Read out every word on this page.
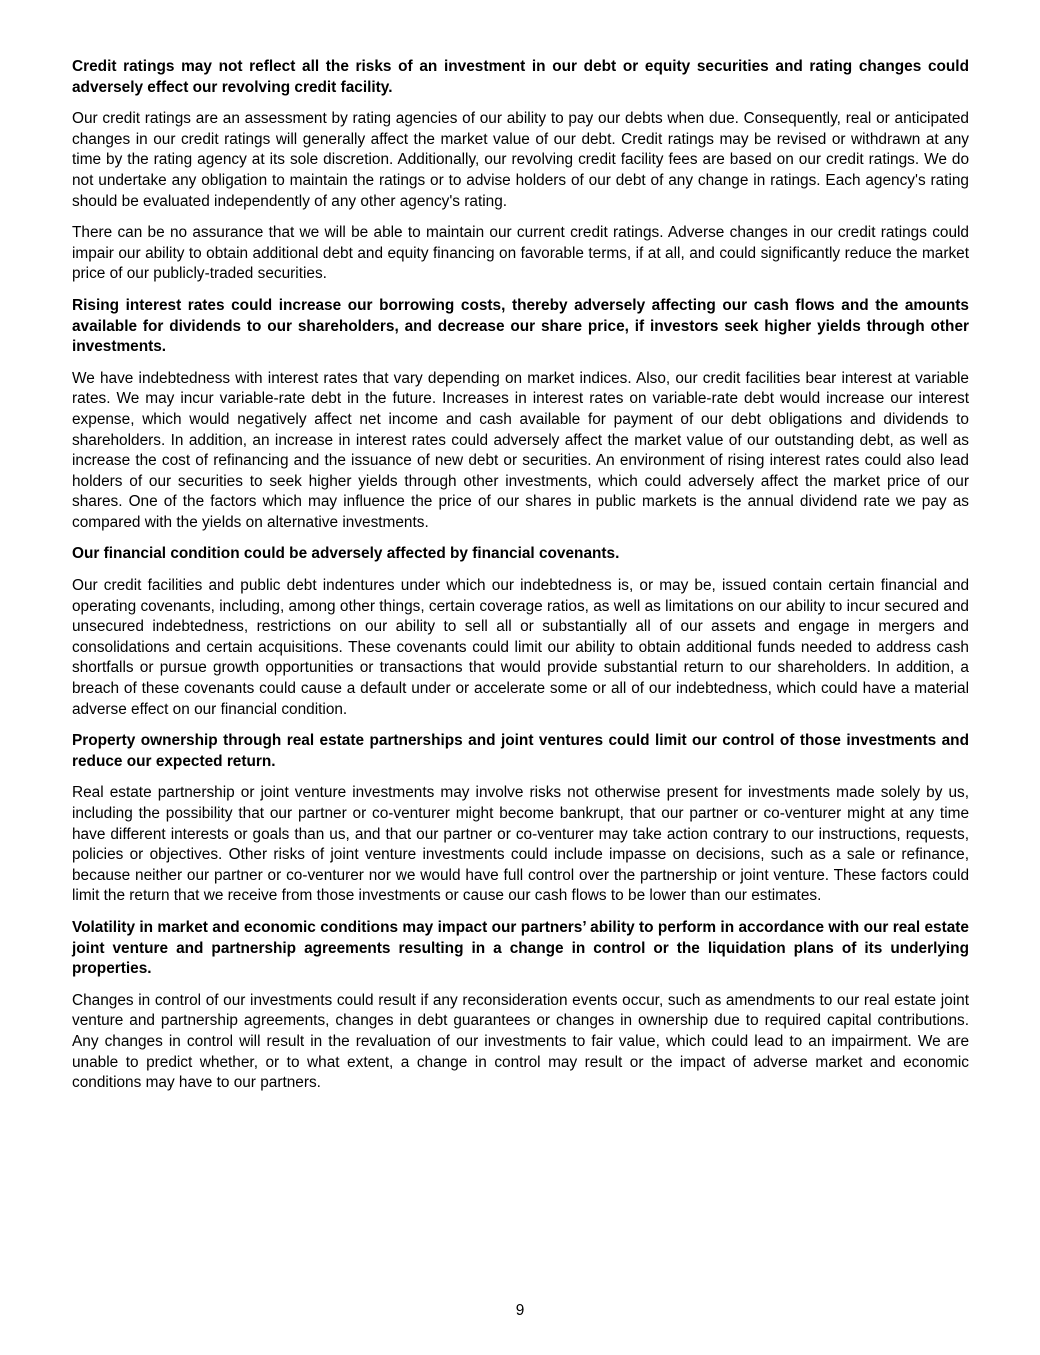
Credit ratings may not reflect all the risks of an investment in our debt or equity securities and rating changes could adversely effect our revolving credit facility.

Our credit ratings are an assessment by rating agencies of our ability to pay our debts when due. Consequently, real or anticipated changes in our credit ratings will generally affect the market value of our debt. Credit ratings may be revised or withdrawn at any time by the rating agency at its sole discretion. Additionally, our revolving credit facility fees are based on our credit ratings. We do not undertake any obligation to maintain the ratings or to advise holders of our debt of any change in ratings. Each agency's rating should be evaluated independently of any other agency's rating.

There can be no assurance that we will be able to maintain our current credit ratings. Adverse changes in our credit ratings could impair our ability to obtain additional debt and equity financing on favorable terms, if at all, and could significantly reduce the market price of our publicly-traded securities.

Rising interest rates could increase our borrowing costs, thereby adversely affecting our cash flows and the amounts available for dividends to our shareholders, and decrease our share price, if investors seek higher yields through other investments.

We have indebtedness with interest rates that vary depending on market indices. Also, our credit facilities bear interest at variable rates. We may incur variable-rate debt in the future. Increases in interest rates on variable-rate debt would increase our interest expense, which would negatively affect net income and cash available for payment of our debt obligations and dividends to shareholders. In addition, an increase in interest rates could adversely affect the market value of our outstanding debt, as well as increase the cost of refinancing and the issuance of new debt or securities. An environment of rising interest rates could also lead holders of our securities to seek higher yields through other investments, which could adversely affect the market price of our shares. One of the factors which may influence the price of our shares in public markets is the annual dividend rate we pay as compared with the yields on alternative investments.

Our financial condition could be adversely affected by financial covenants.

Our credit facilities and public debt indentures under which our indebtedness is, or may be, issued contain certain financial and operating covenants, including, among other things, certain coverage ratios, as well as limitations on our ability to incur secured and unsecured indebtedness, restrictions on our ability to sell all or substantially all of our assets and engage in mergers and consolidations and certain acquisitions. These covenants could limit our ability to obtain additional funds needed to address cash shortfalls or pursue growth opportunities or transactions that would provide substantial return to our shareholders. In addition, a breach of these covenants could cause a default under or accelerate some or all of our indebtedness, which could have a material adverse effect on our financial condition.

Property ownership through real estate partnerships and joint ventures could limit our control of those investments and reduce our expected return.

Real estate partnership or joint venture investments may involve risks not otherwise present for investments made solely by us, including the possibility that our partner or co-venturer might become bankrupt, that our partner or co-venturer might at any time have different interests or goals than us, and that our partner or co-venturer may take action contrary to our instructions, requests, policies or objectives. Other risks of joint venture investments could include impasse on decisions, such as a sale or refinance, because neither our partner or co-venturer nor we would have full control over the partnership or joint venture. These factors could limit the return that we receive from those investments or cause our cash flows to be lower than our estimates.

Volatility in market and economic conditions may impact our partners’ ability to perform in accordance with our real estate joint venture and partnership agreements resulting in a change in control or the liquidation plans of its underlying properties.

Changes in control of our investments could result if any reconsideration events occur, such as amendments to our real estate joint venture and partnership agreements, changes in debt guarantees or changes in ownership due to required capital contributions. Any changes in control will result in the revaluation of our investments to fair value, which could lead to an impairment. We are unable to predict whether, or to what extent, a change in control may result or the impact of adverse market and economic conditions may have to our partners.

9
